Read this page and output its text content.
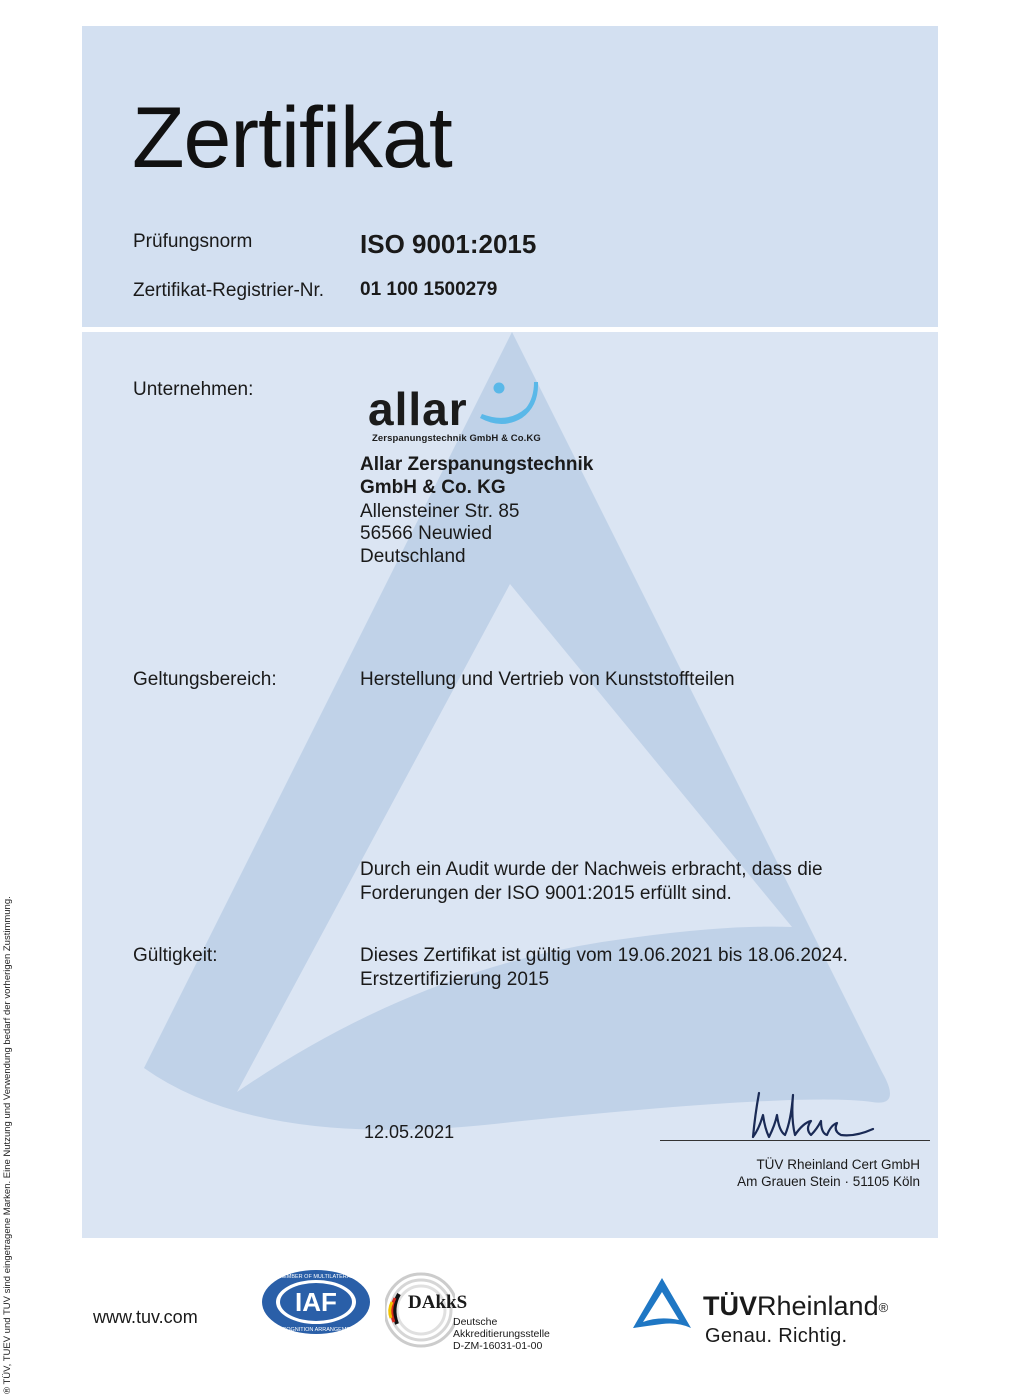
® TÜV, TUEV und TUV sind eingetragene Marken. Eine Nutzung und Verwendung bedarf der vorherigen Zustimmung.
Zertifikat
Prüfungsnorm	ISO 9001:2015
Zertifikat-Registrier-Nr. 01 100 1500279
Unternehmen: allar
Zerspanungstechnik GmbH & Co.KG
Allar Zerspanungstechnik
GmbH & Co. KG
Allensteiner Str. 85
56566 Neuwied
Deutschland
Geltungsbereich:	Herstellung und Vertrieb von Kunststoffteilen
Durch ein Audit wurde der Nachweis erbracht, dass die
Forderungen der ISO 9001:2015 erfüllt sind.
Gültigkeit:	Dieses Zertifikat ist gültig vom 19.06.2021 bis 18.06.2024.
Erstzertifizierung 2015
12.05.2021
TÜV Rheinland Cert GmbH
Am Grauen Stein · 51105 Köln
www.tuv.com	IAF
MEMBER OF MULTILATERAL
RECOGNITION ARRANGEMENT
DAkkS
Deutsche
Akkreditierungsstelle
D-ZM-16031-01-00
TÜVRheinland®
Genau. Richtig.
